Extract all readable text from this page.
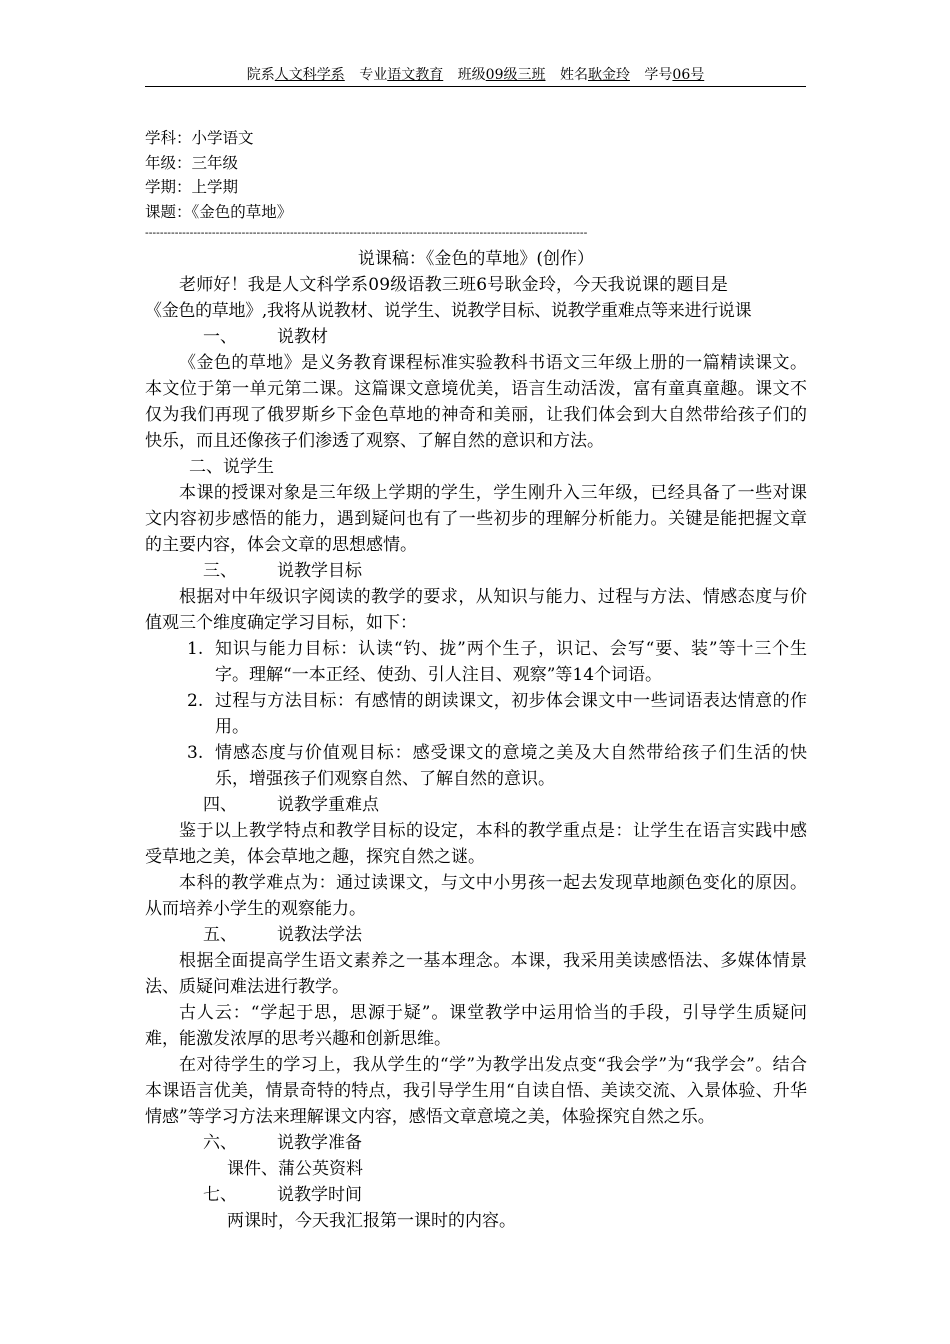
院系人文科学系 专业语文教育 班级09级三班 姓名耿金玲 学号06号
学科：小学语文
年级：三年级
学期：上学期
课题：《金色的草地》
-----------------------------------------------------------------------------------------------------------------------

说课稿：《金色的草地》(创作）

老师好！我是人文科学系09级语教三班6号耿金玲，今天我说课的题目是

《金色的草地》,我将从说教材、说学生、说教学目标、说教学重难点等来进行说课

一、 说教材

《金色的草地》是义务教育课程标准实验教科书语文三年级上册的一篇精读课文。本文位于第一单元第二课。这篇课文意境优美，语言生动活泼，富有童真童趣。课文不仅为我们再现了俄罗斯乡下金色草地的神奇和美丽，让我们体会到大自然带给孩子们的快乐，而且还像孩子们渗透了观察、了解自然的意识和方法。

二、说学生

本课的授课对象是三年级上学期的学生，学生刚升入三年级，已经具备了一些对课文内容初步感悟的能力，遇到疑问也有了一些初步的理解分析能力。关键是能把握文章的主要内容，体会文章的思想感情。

三、 说教学目标

根据对中年级识字阅读的教学的要求，从知识与能力、过程与方法、情感态度与价值观三个维度确定学习目标，如下：

1. 知识与能力目标：认读“钓、拢”两个生子，识记、会写“要、装”等十三个生字。理解“一本正经、使劲、引人注目、观察”等14个词语。
2. 过程与方法目标：有感情的朗读课文，初步体会课文中一些词语表达情意的作用。
3. 情感态度与价值观目标：感受课文的意境之美及大自然带给孩子们生活的快乐，增强孩子们观察自然、了解自然的意识。

四、 说教学重难点

鉴于以上教学特点和教学目标的设定，本科的教学重点是：让学生在语言实践中感受草地之美，体会草地之趣，探究自然之谜。

本科的教学难点为：通过读课文，与文中小男孩一起去发现草地颜色变化的原因。从而培养小学生的观察能力。

五、 说教法学法

根据全面提高学生语文素养之一基本理念。本课，我采用美读感悟法、多媒体情景法、质疑问难法进行教学。

古人云：“学起于思，思源于疑”。课堂教学中运用恰当的手段，引导学生质疑问难，能激发浓厚的思考兴趣和创新思维。

在对待学生的学习上，我从学生的“学”为教学出发点变“我会学”为“我学会”。结合本课语言优美，情景奇特的特点，我引导学生用“自读自悟、美读交流、入景体验、升华情感”等学习方法来理解课文内容，感悟文章意境之美，体验探究自然之乐。

六、 说教学准备

课件、蒲公英资料

七、 说教学时间

两课时，今天我汇报第一课时的内容。
